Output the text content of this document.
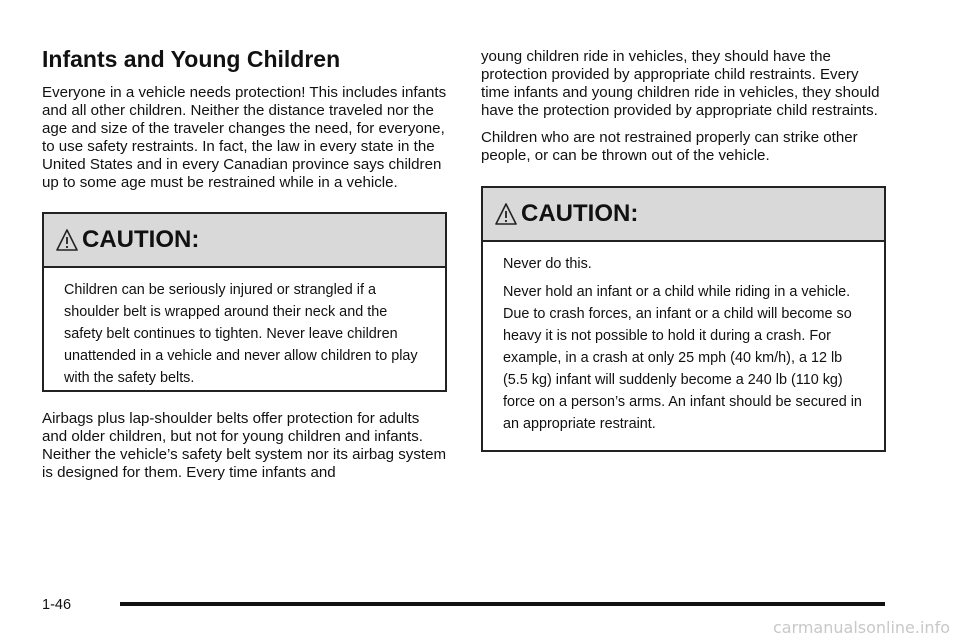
Infants and Young Children

Everyone in a vehicle needs protection! This includes infants and all other children. Neither the distance traveled nor the age and size of the traveler changes the need, for everyone, to use safety restraints. In fact, the law in every state in the United States and in every Canadian province says children up to some age must be restrained while in a vehicle.

CAUTION:

Children can be seriously injured or strangled if a shoulder belt is wrapped around their neck and the safety belt continues to tighten. Never leave children unattended in a vehicle and never allow children to play with the safety belts.

Airbags plus lap-shoulder belts offer protection for adults and older children, but not for young children and infants. Neither the vehicle’s safety belt system nor its airbag system is designed for them. Every time infants and

young children ride in vehicles, they should have the protection provided by appropriate child restraints. Every time infants and young children ride in vehicles, they should have the protection provided by appropriate child restraints.

Children who are not restrained properly can strike other people, or can be thrown out of the vehicle.

CAUTION:

Never do this.

Never hold an infant or a child while riding in a vehicle. Due to crash forces, an infant or a child will become so heavy it is not possible to hold it during a crash. For example, in a crash at only 25 mph (40 km/h), a 12 lb (5.5 kg) infant will suddenly become a 240 lb (110 kg) force on a person’s arms. An infant should be secured in an appropriate restraint.

1-46
carmanualsonline.info
